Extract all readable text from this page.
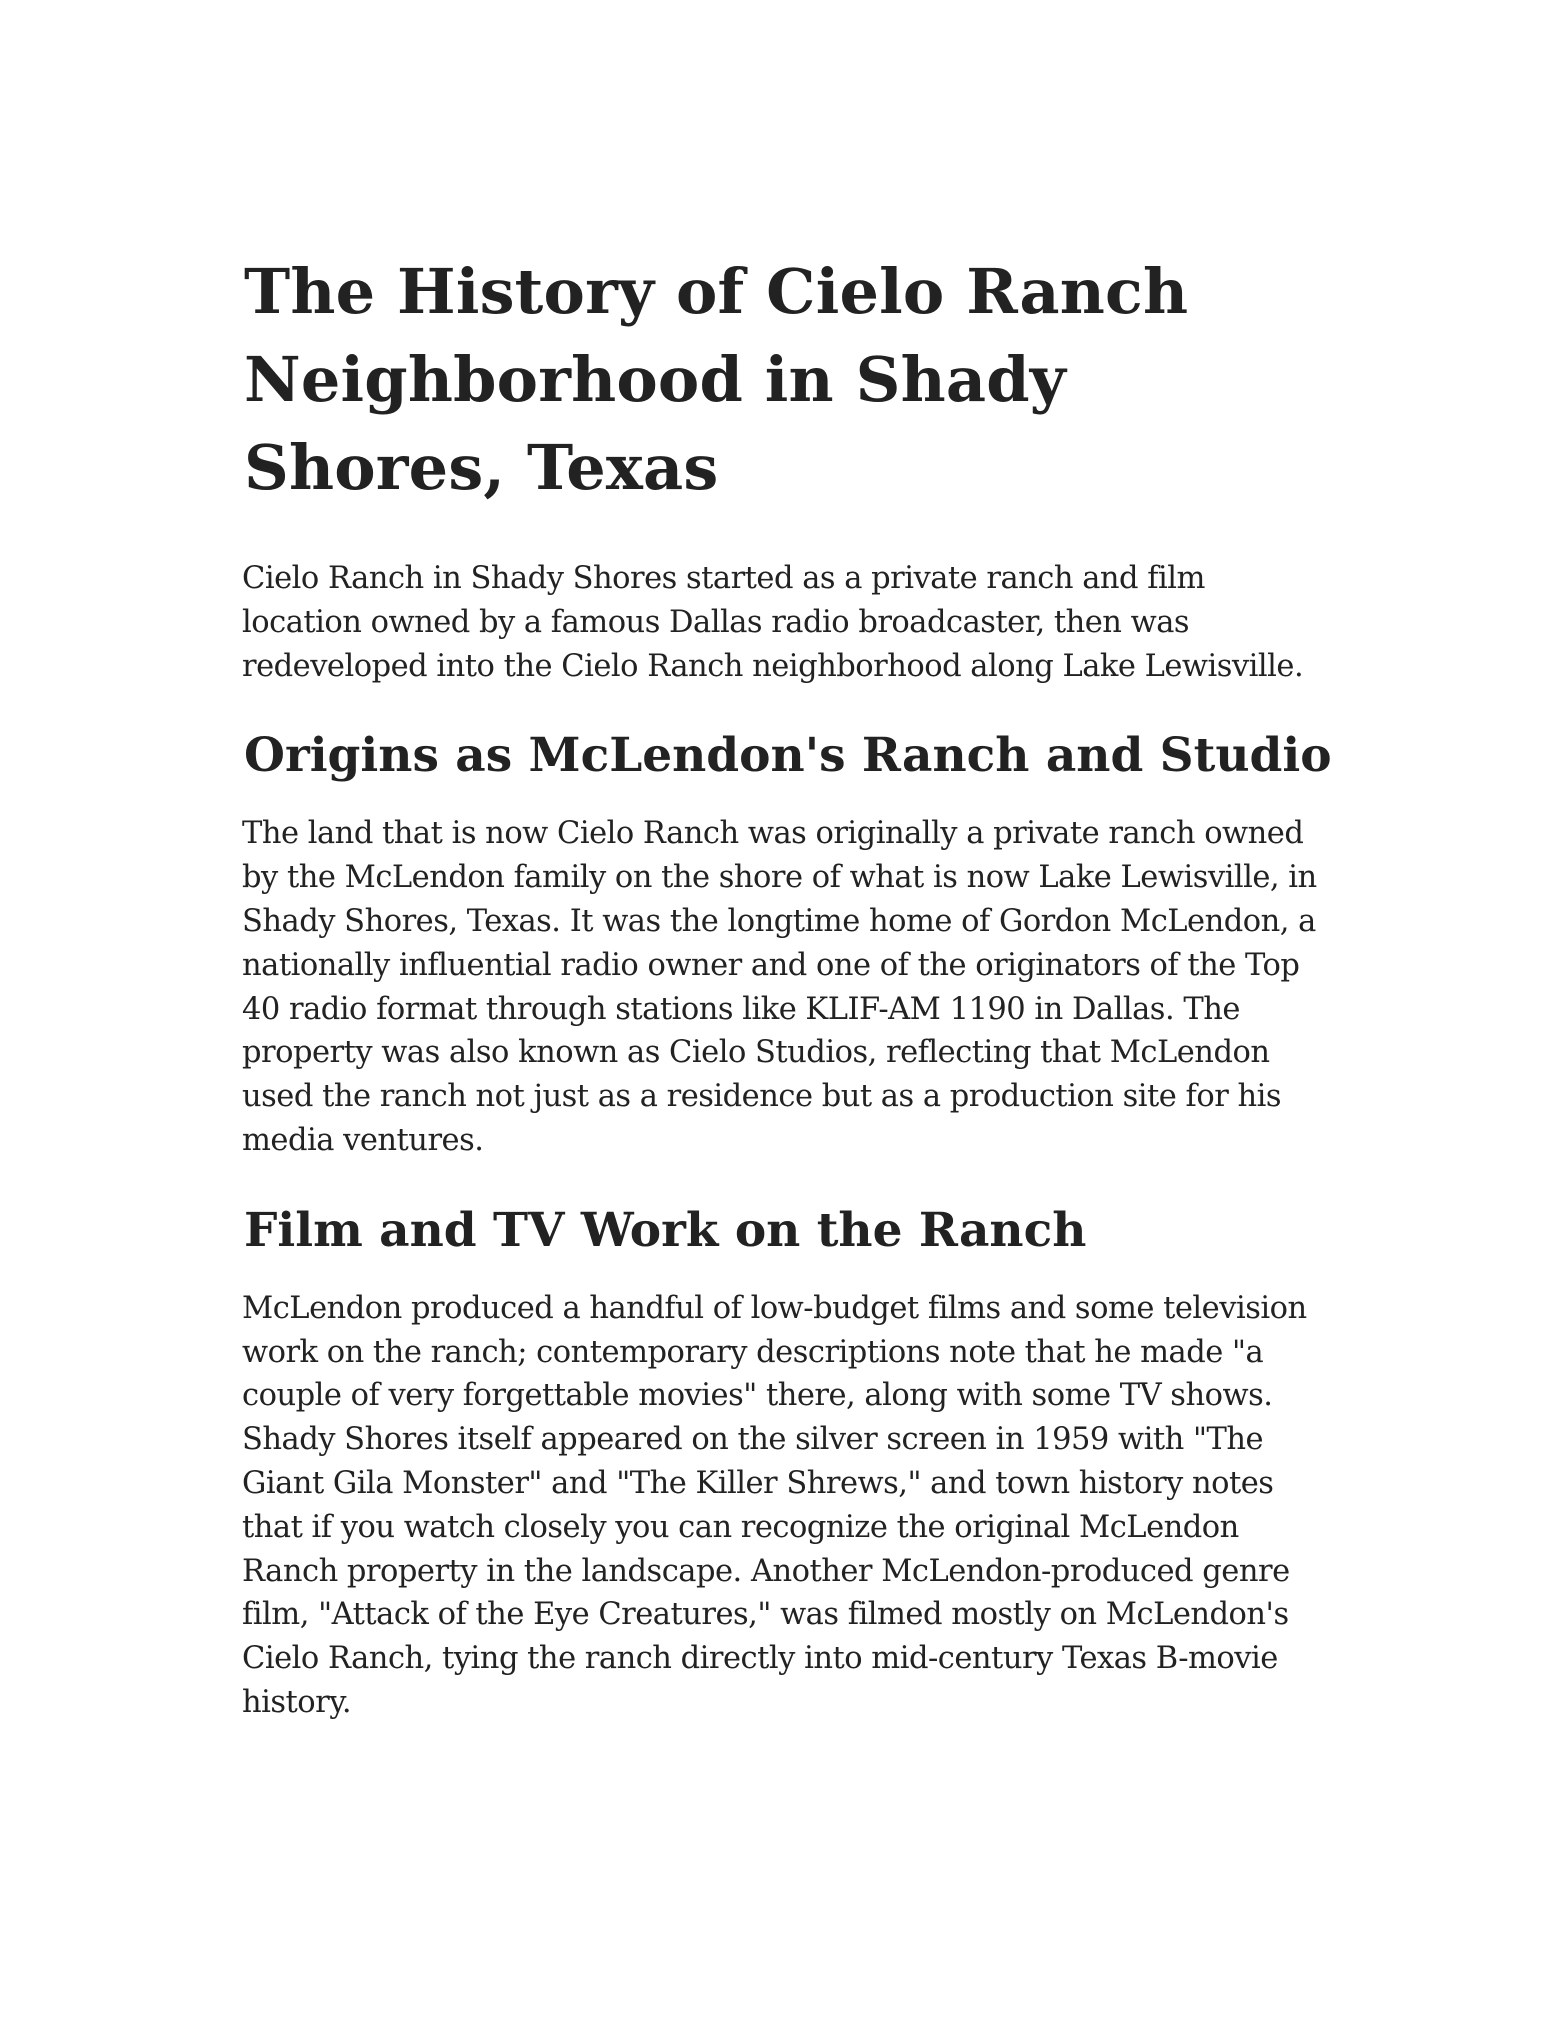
The History of Cielo Ranch Neighborhood in Shady Shores, Texas

Cielo Ranch in Shady Shores started as a private ranch and film location owned by a famous Dallas radio broadcaster, then was redeveloped into the Cielo Ranch neighborhood along Lake Lewisville.

Origins as McLendon's Ranch and Studio

The land that is now Cielo Ranch was originally a private ranch owned by the McLendon family on the shore of what is now Lake Lewisville, in Shady Shores, Texas. It was the longtime home of Gordon McLendon, a nationally influential radio owner and one of the originators of the Top 40 radio format through stations like KLIF-AM 1190 in Dallas. The property was also known as Cielo Studios, reflecting that McLendon used the ranch not just as a residence but as a production site for his media ventures.

Film and TV Work on the Ranch

McLendon produced a handful of low-budget films and some television work on the ranch; contemporary descriptions note that he made "a couple of very forgettable movies" there, along with some TV shows. Shady Shores itself appeared on the silver screen in 1959 with "The Giant Gila Monster" and "The Killer Shrews," and town history notes that if you watch closely you can recognize the original McLendon Ranch property in the landscape. Another McLendon-produced genre film, "Attack of the Eye Creatures," was filmed mostly on McLendon's Cielo Ranch, tying the ranch directly into mid-century Texas B-movie history.
